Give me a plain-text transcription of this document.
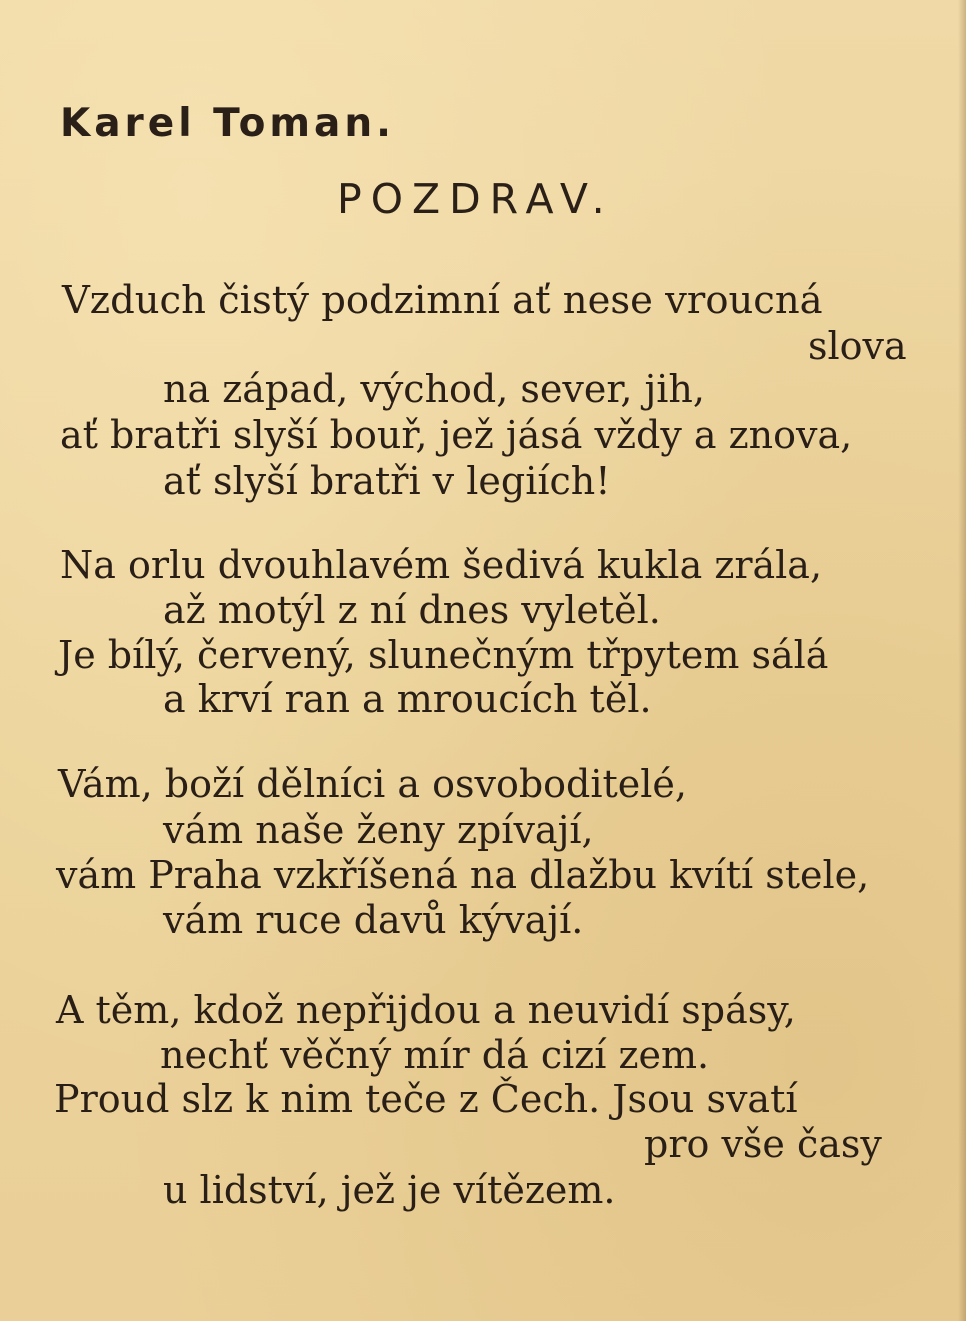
Karel Toman.
POZDRAV.

Vzduch čistý podzimní ať nese vroucná

slova

na západ, východ, sever, jih,

ať bratři slyší bouř, jež jásá vždy a znova,

ať slyší bratři v legiích!

Na orlu dvouhlavém šedivá kukla zrála,

až motýl z ní dnes vyletěl.

Je bílý, červený, slunečným třpytem sálá

a krví ran a mroucích těl.

Vám, boží dělníci a osvoboditelé,

vám naše ženy zpívají,

vám Praha vzkříšená na dlažbu kvítí stele,

vám ruce davů kývají.

A těm, kdož nepřijdou a neuvidí spásy,

nechť věčný mír dá cizí zem.

Proud slz k nim teče z Čech. Jsou svatí

pro vše časy

u lidství, jež je vítězem.
